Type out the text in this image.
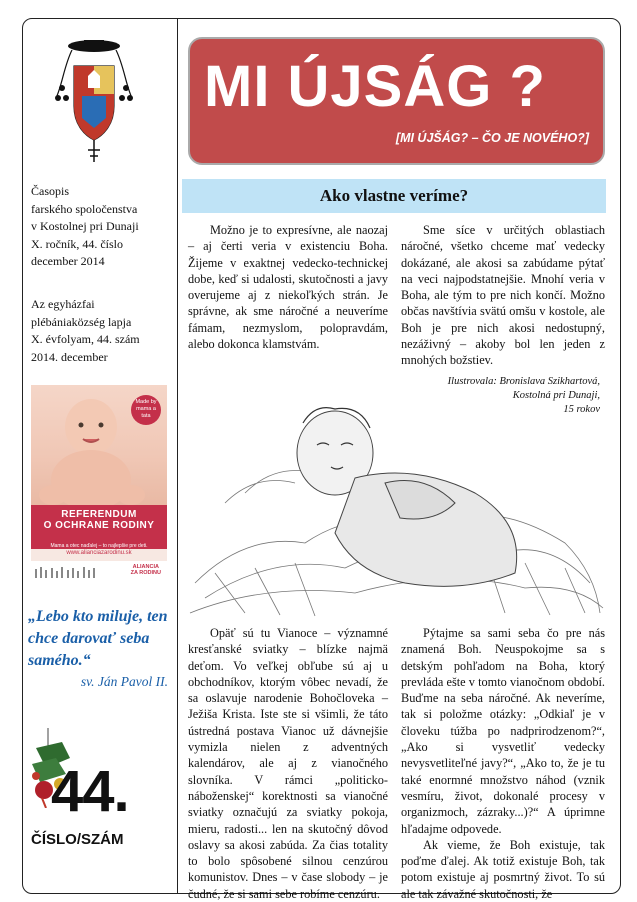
Časopis
farského spoločenstva
v Kostolnej pri Dunaji
X. ročník, 44. číslo
december 2014
Az egyházfai
plébániaközség lapja
X. évfolyam, 44. szám
2014. december
Made by mama a tata
REFERENDUM
O OCHRANE RODINY
Mama a otec naďalej – to najlepšie pre deti.
www.alianciazarodinu.sk
ALIANCIA
ZA RODINU
„Lebo kto miluje, ten chce darovať seba samého.“
sv. Ján Pavol II.
44.
ČÍSLO/SZÁM
MI ÚJSÁG ?
[MI ÚJŠÁG? – ČO JE NOVÉHO?]
Ako vlastne veríme?

Možno je to expresívne, ale naozaj – aj čerti veria v existenciu Boha. Žijeme v exaktnej vedecko-technickej dobe, keď si udalosti, skutočnosti a javy overujeme aj z niekoľkých strán. Je správne, ak sme náročné a neuveríme fámam, nezmyslom, polopravdám, alebo dokonca klamstvám.

Sme síce v určitých oblastiach náročné, všetko chceme mať vedecky dokázané, ale akosi sa zabúdame pýtať na veci najpodstatnejšie. Mnohí veria v Boha, ale tým to pre nich končí. Možno občas navštívia svätú omšu v kostole, ale Boh je pre nich akosi nedostupný, nezáživný – akoby bol len jeden z mnohých božstiev.

Ilustrovala: Bronislava Szikhartová,
Kostolná pri Dunaji,
15 rokov

Opäť sú tu Vianoce – významné kresťanské sviatky – blízke najmä deťom. Vo veľkej obľube sú aj u obchodníkov, ktorým vôbec nevadí, že sa oslavuje narodenie Bohočloveka – Ježiša Krista. Iste ste si všimli, že táto ústredná postava Vianoc už dávnejšie vymizla nielen z adventných kalendárov, ale aj z vianočného slovníka. V rámci „politicko-náboženskej“ korektnosti sa vianočné sviatky označujú za sviatky pokoja, mieru, radosti... len na skutočný dôvod oslavy sa akosi zabúda. Za čias totality to bolo spôsobené silnou cenzúrou komunistov. Dnes – v čase slobody – je čudné, že si sami sebe robíme cenzúru.

Pýtajme sa sami seba čo pre nás znamená Boh. Neuspokojme sa s detským pohľadom na Boha, ktorý prevláda ešte v tomto vianočnom období. Buďme na seba náročné. Ak neveríme, tak si položme otázky: „Odkiaľ je v človeku túžba po nadprirodzenom?“, „Ako si vysvetliť vedecky nevysvetliteľné javy?“, „Ako to, že je tu také enormné množstvo náhod (vznik vesmíru, život, dokonalé procesy v organizmoch, zázraky...)?“ A úprimne hľadajme odpovede.

Ak vieme, že Boh existuje, tak poďme ďalej. Ak totiž existuje Boh, tak potom existuje aj posmrtný život. To sú ale tak závažné skutočnosti, že
